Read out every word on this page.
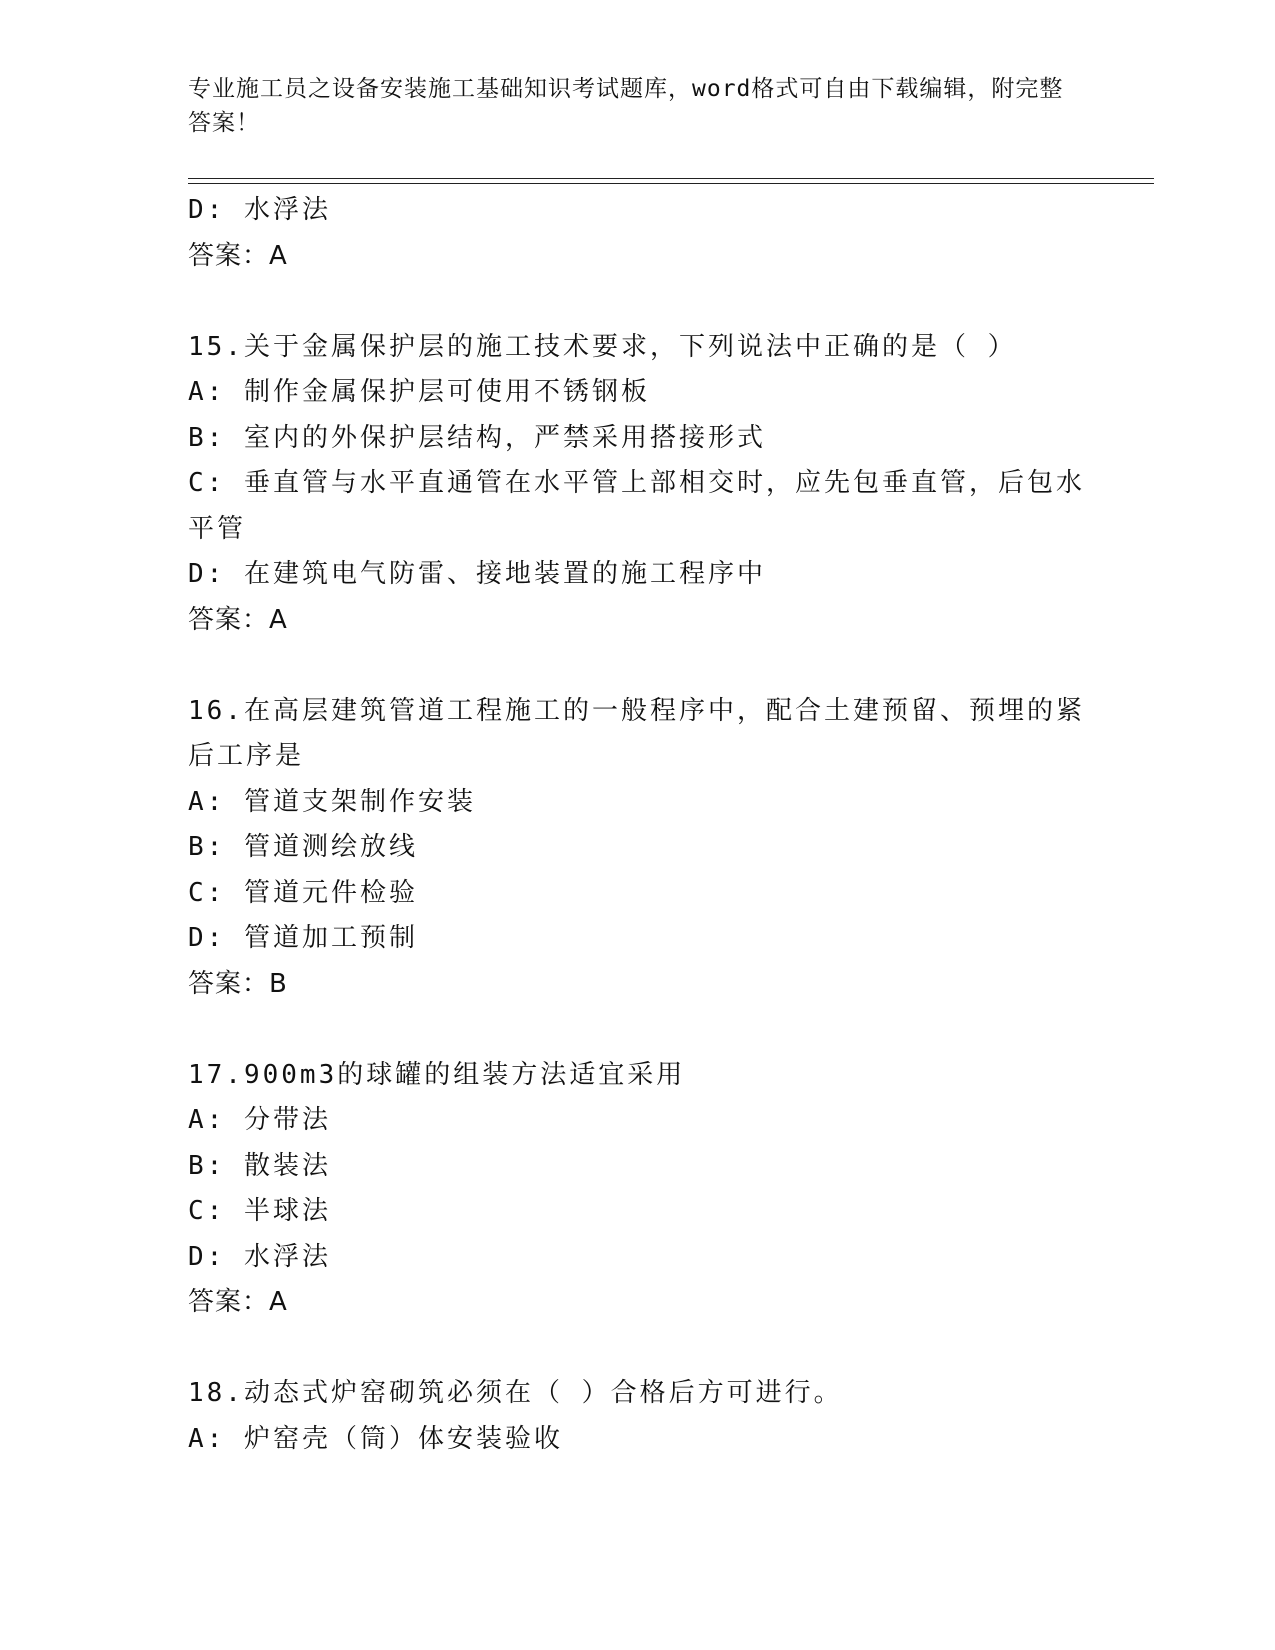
专业施工员之设备安装施工基础知识考试题库，word格式可自由下载编辑，附完整答案！
D: 水浮法
答案：A
15.关于金属保护层的施工技术要求，下列说法中正确的是（ ）
A: 制作金属保护层可使用不锈钢板
B: 室内的外保护层结构，严禁采用搭接形式
C: 垂直管与水平直通管在水平管上部相交时，应先包垂直管，后包水平管
D: 在建筑电气防雷、接地装置的施工程序中
答案：A
16.在高层建筑管道工程施工的一般程序中，配合土建预留、预埋的紧后工序是
A: 管道支架制作安装
B: 管道测绘放线
C: 管道元件检验
D: 管道加工预制
答案：B
17.900m3的球罐的组装方法适宜采用
A: 分带法
B: 散装法
C: 半球法
D: 水浮法
答案：A
18.动态式炉窑砌筑必须在（ ）合格后方可进行。
A: 炉窑壳（筒）体安装验收
